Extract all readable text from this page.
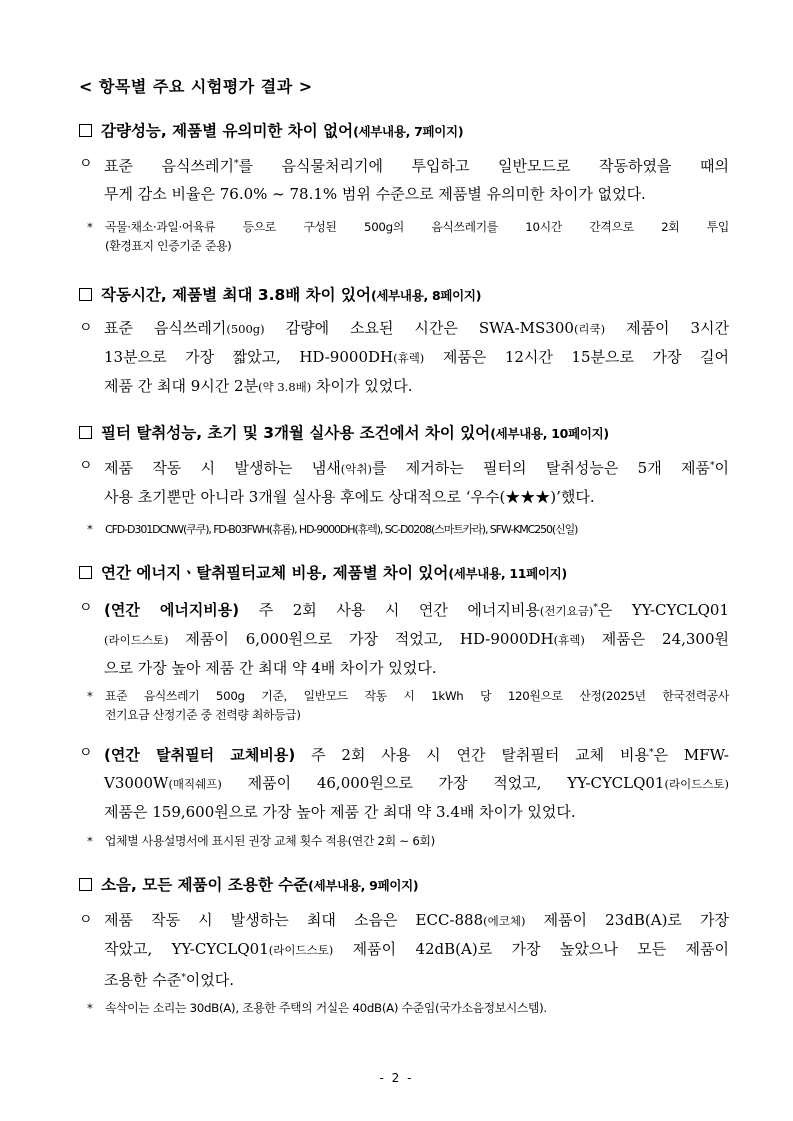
< 항목별 주요 시험평가 결과 >
감량성능, 제품별 유의미한 차이 없어(세부내용, 7페이지)
ㅇ 표준 음식쓰레기*를 음식물처리기에 투입하고 일반모드로 작동하였을 때의
무게 감소 비율은 76.0% ~ 78.1% 범위 수준으로 제품별 유의미한 차이가 없었다.
*	곡물·채소·과일·어육류 등으로 구성된 500g의 음식쓰레기를 10시간 간격으로 2회 투입
(환경표지 인증기준 준용)
작동시간, 제품별 최대 3.8배 차이 있어(세부내용, 8페이지)
ㅇ 표준 음식쓰레기(500g) 감량에 소요된 시간은 SWA-MS300(리쿡) 제품이 3시간
13분으로 가장 짧았고, HD-9000DH(휴렉) 제품은 12시간 15분으로 가장 길어
제품 간 최대 9시간 2분(약 3.8배) 차이가 있었다.
필터 탈취성능, 초기 및 3개월 실사용 조건에서 차이 있어(세부내용, 10페이지)
ㅇ 제품 작동 시 발생하는 냄새(악취)를 제거하는 필터의 탈취성능은 5개 제품*이
사용 초기뿐만 아니라 3개월 실사용 후에도 상대적으로 ‘우수(★★★)’했다.
*	CFD-D301DCNW(쿠쿠), FD-B03FWH(휴롬), HD-9000DH(휴렉), SC-D0208(스마트카라), SFW-KMC250(신일)
연간 에너지ㆍ탈취필터교체 비용, 제품별 차이 있어(세부내용, 11페이지)
ㅇ (연간 에너지비용) 주 2회 사용 시 연간 에너지비용(전기요금)*은 YY-CYCLQ01
(라이드스토) 제품이 6,000원으로 가장 적었고, HD-9000DH(휴렉) 제품은 24,300원
으로 가장 높아 제품 간 최대 약 4배 차이가 있었다.
*	표준 음식쓰레기 500g 기준, 일반모드 작동 시 1kWh 당 120원으로 산정(2025년 한국전력공사
전기요금 산정기준 중 전력량 최하등급)
ㅇ (연간 탈취필터 교체비용) 주 2회 사용 시 연간 탈취필터 교체 비용*은 MFW-
V3000W(매직쉐프) 제품이 46,000원으로 가장 적었고, YY-CYCLQ01(라이드스토)
제품은 159,600원으로 가장 높아 제품 간 최대 약 3.4배 차이가 있었다.
*	업체별 사용설명서에 표시된 권장 교체 횟수 적용(연간 2회 ~ 6회)
소음, 모든 제품이 조용한 수준(세부내용, 9페이지)
ㅇ 제품 작동 시 발생하는 최대 소음은 ECC-888(에코체) 제품이 23dB(A)로 가장
작았고, YY-CYCLQ01(라이드스토) 제품이 42dB(A)로 가장 높았으나 모든 제품이
조용한 수준*이었다.
*	속삭이는 소리는 30dB(A), 조용한 주택의 거실은 40dB(A) 수준임(국가소음정보시스템).
- 2 -
